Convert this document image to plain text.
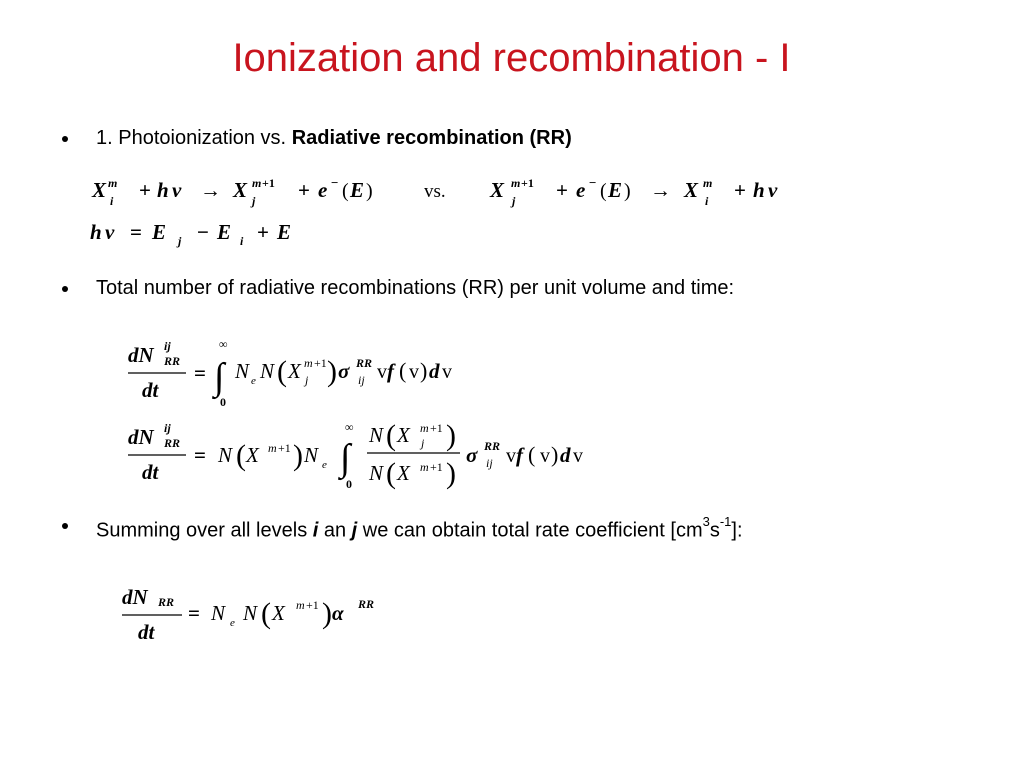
Ionization and recombination - I
1. Photoionization vs. Radiative recombination (RR)
X m
i + h ν → X m +1
j + e − ( E )	vs. X m +1
j + e − ( E ) → X m
i + h ν
h ν = E j − E i + E
Total number of radiative recombinations (RR) per unit volume and time:
dN ij
RR
dt
= ∫
∞
0
N e N ( X m +1
j ) σ RR
ij v f ( v ) d v
dN ij
RR
dt
= N ( X m +1 ) N e ∫
∞
0
N ( X m +1
j )
N ( X m +1 )
σ RR
ij v f ( v ) d v
Summing over all levels i an j we can obtain total rate coefficient $[cm^3s^{-1}]$:
dN RR
dt
= N e N ( X m +1 ) α RR
